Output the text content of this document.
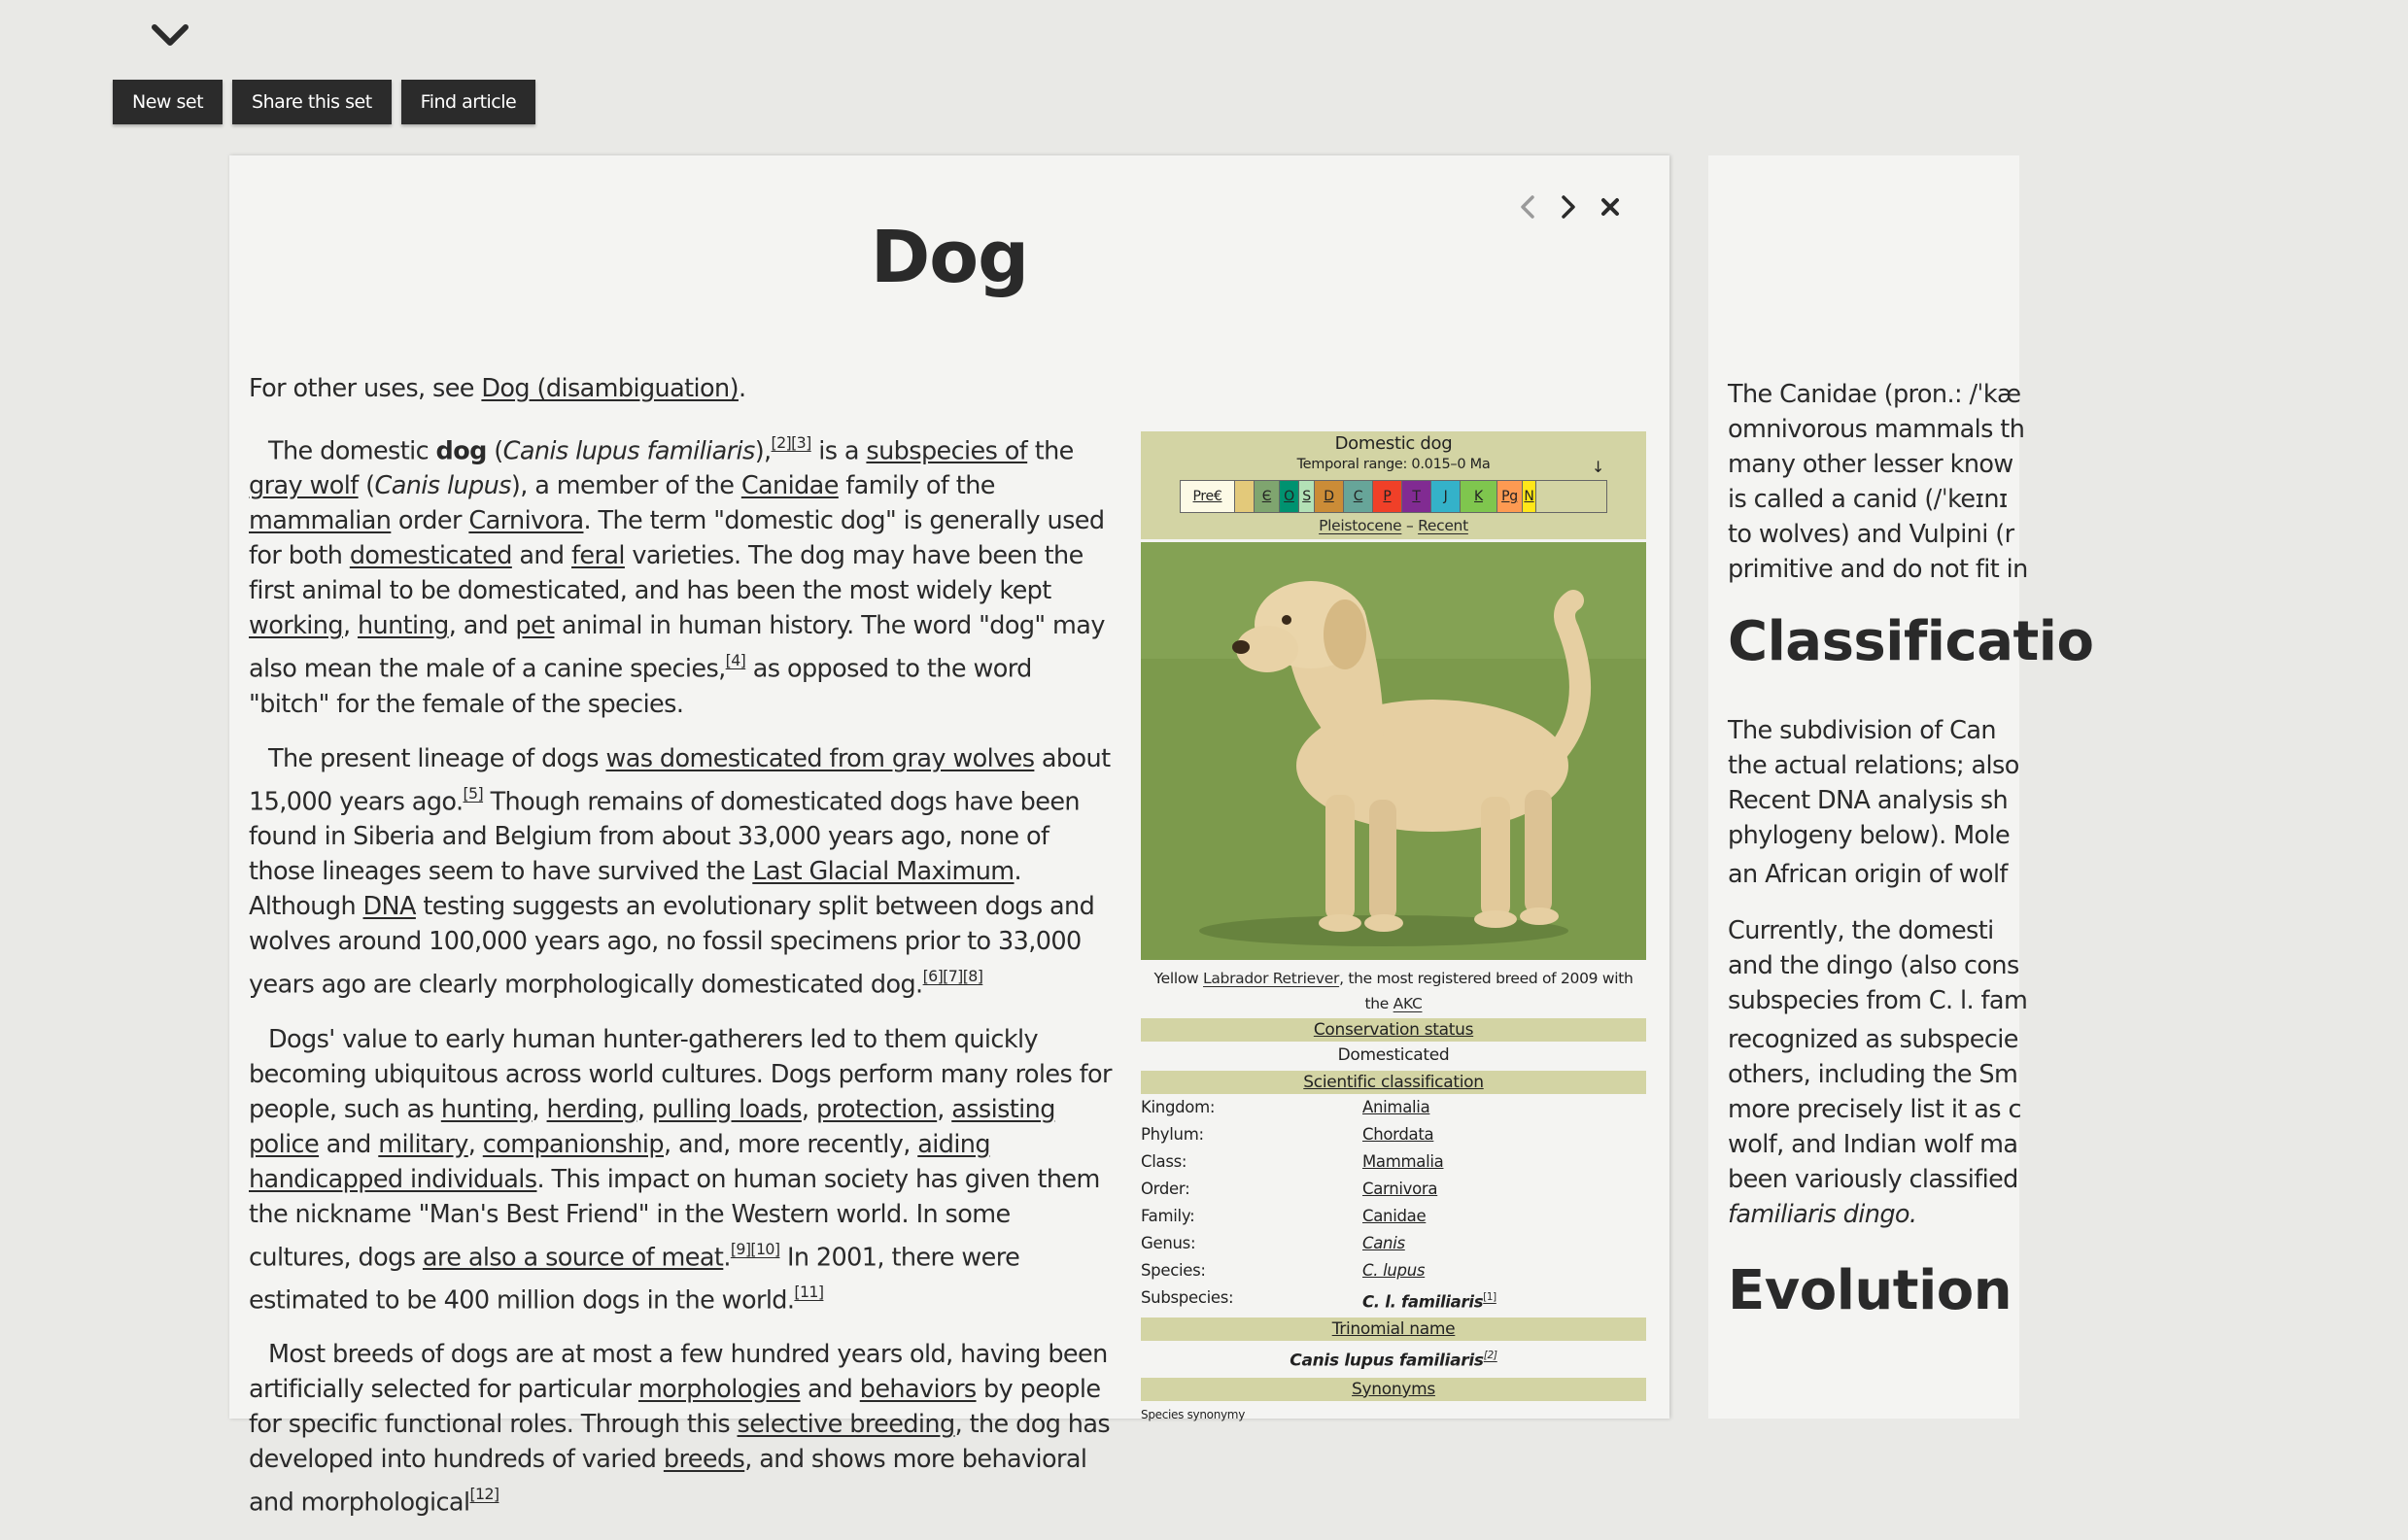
New set	Share this set	Find article
Dog

For other uses, see Dog (disambiguation).

The domestic dog (Canis lupus familiaris),[2][3] is a subspecies of the gray wolf (Canis lupus), a member of the Canidae family of the mammalian order Carnivora. The term "domestic dog" is generally used for both domesticated and feral varieties. The dog may have been the first animal to be domesticated, and has been the most widely kept working, hunting, and pet animal in human history. The word "dog" may also mean the male of a canine species,[4] as opposed to the word "bitch" for the female of the species.

The present lineage of dogs was domesticated from gray wolves about 15,000 years ago.[5] Though remains of domesticated dogs have been found in Siberia and Belgium from about 33,000 years ago, none of those lineages seem to have survived the Last Glacial Maximum. Although DNA testing suggests an evolutionary split between dogs and wolves around 100,000 years ago, no fossil specimens prior to 33,000 years ago are clearly morphologically domesticated dog.[6][7][8]

Dogs' value to early human hunter-gatherers led to them quickly becoming ubiquitous across world cultures. Dogs perform many roles for people, such as hunting, herding, pulling loads, protection, assisting police and military, companionship, and, more recently, aiding handicapped individuals. This impact on human society has given them the nickname "Man's Best Friend" in the Western world. In some cultures, dogs are also a source of meat.[9][10] In 2001, there were estimated to be 400 million dogs in the world.[11]

Most breeds of dogs are at most a few hundred years old, having been artificially selected for particular morphologies and behaviors by people for specific functional roles. Through this selective breeding, the dog has developed into hundreds of varied breeds, and shows more behavioral and morphological[12]

Domestic dog
Temporal range: 0.015–0 Ma	↓
Pre€	Є O S D	C	P	T	J	K	Pg N
Pleistocene – Recent
Yellow Labrador Retriever, the most registered breed of 2009 with the AKC
Conservation status
Domesticated
Scientific classification
Kingdom:	Animalia
Phylum:	Chordata
Class:	Mammalia
Order:	Carnivora
Family:	Canidae
Genus:	Canis
Species:	C. lupus
Subspecies:	C. l. familiaris[1]
Trinomial name
Canis lupus familiaris[2]
Synonyms
Species synonymy
The Canidae (pron.: /ˈkæ
omnivorous mammals th
many other lesser know
is called a canid (/ˈkeɪnɪ
to wolves) and Vulpini (r
primitive and do not fit in
Classificatio
The subdivision of Can
the actual relations; also
Recent DNA analysis sh
phylogeny below). Mole
an African origin of wolf
Currently, the domesti
and the dingo (also cons
subspecies from C. l. fam
recognized as subspecie
others, including the Sm
more precisely list it as c
wolf, and Indian wolf ma
been variously classified
familiaris dingo.
Evolution
